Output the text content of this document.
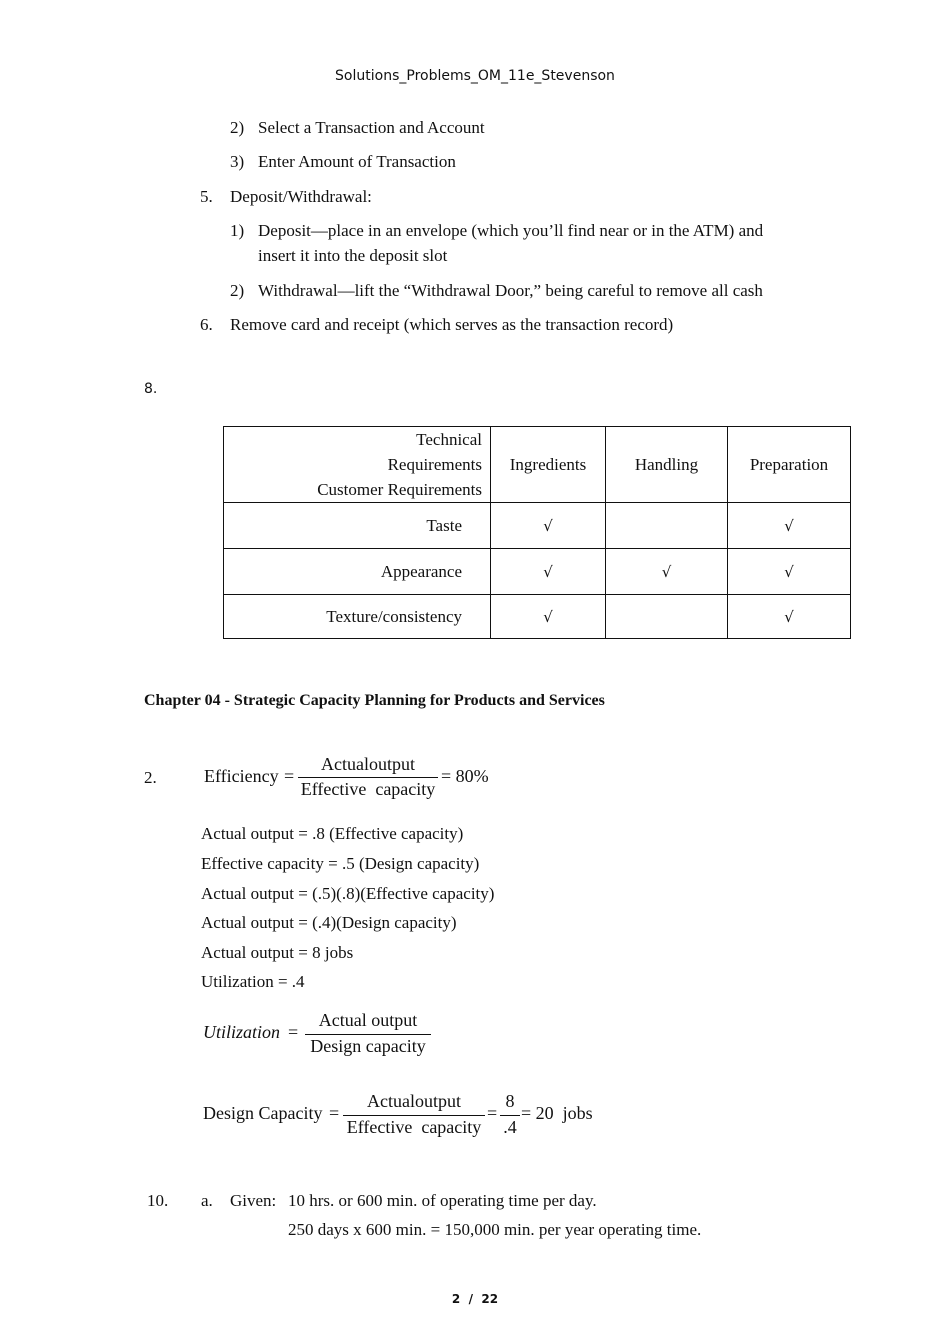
Solutions_Problems_OM_11e_Stevenson
2) Select a Transaction and Account
3) Enter Amount of Transaction
5. Deposit/Withdrawal:
1) Deposit—place in an envelope (which you’ll find near or in the ATM) and
insert it into the deposit slot
2) Withdrawal—lift the “Withdrawal Door,” being careful to remove all cash
6. Remove card and receipt (which serves as the transaction record)
8.
Technical
Requirements
Customer Requirements	Ingredients	Handling	Preparation
Taste	√		√
Appearance	√	√	√
Texture/consistency	√		√
Chapter 04 - Strategic Capacity Planning for Products and Services
2.	Efficiency =
Actualoutput
Effective  capacity
= 80%
Actual output = .8 (Effective capacity)
Effective capacity = .5 (Design capacity)
Actual output = (.5)(.8)(Effective capacity)
Actual output = (.4)(Design capacity)
Actual output = 8 jobs
Utilization = .4
Utilization =
Actual output
Design capacity
Design Capacity =
Actualoutput
Effective  capacity
=
8
.4
= 20  jobs
10. a. Given: 10 hrs. or 600 min. of operating time per day.
250 days x 600 min. = 150,000 min. per year operating time.
2  /  22
